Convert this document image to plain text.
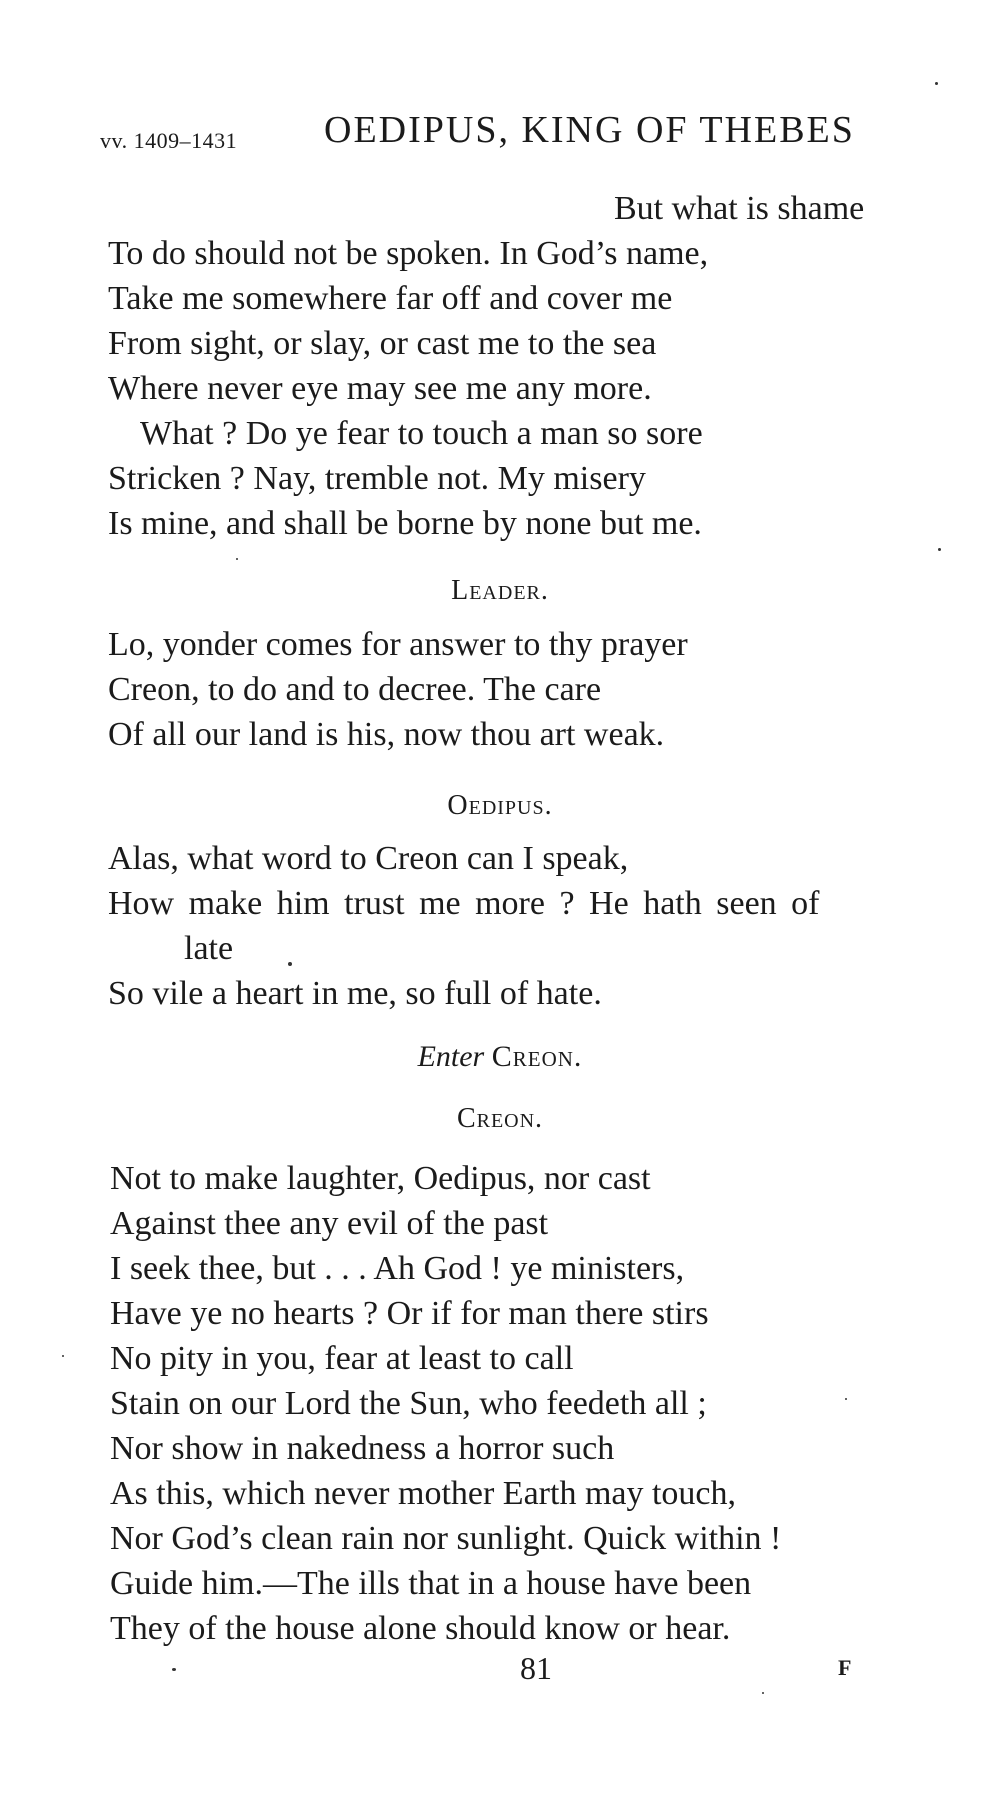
vv. 1409–1431 OEDIPUS, KING OF THEBES
But what is shame
To do should not be spoken. In God’s name,
Take me somewhere far off and cover me
From sight, or slay, or cast me to the sea
Where never eye may see me any more.
What ? Do ye fear to touch a man so sore
Stricken ? Nay, tremble not. My misery
Is mine, and shall be borne by none but me.
Leader.
Lo, yonder comes for answer to thy prayer
Creon, to do and to decree. The care
Of all our land is his, now thou art weak.
Oedipus.
Alas, what word to Creon can I speak,
How make him trust me more ? He hath seen of
late
So vile a heart in me, so full of hate.
Enter Creon.
Creon.
Not to make laughter, Oedipus, nor cast
Against thee any evil of the past
I seek thee, but . . . Ah God ! ye ministers,
Have ye no hearts ? Or if for man there stirs
No pity in you, fear at least to call
Stain on our Lord the Sun, who feedeth all ;
Nor show in nakedness a horror such
As this, which never mother Earth may touch,
Nor God’s clean rain nor sunlight. Quick within !
Guide him.—The ills that in a house have been
They of the house alone should know or hear.
81	F
